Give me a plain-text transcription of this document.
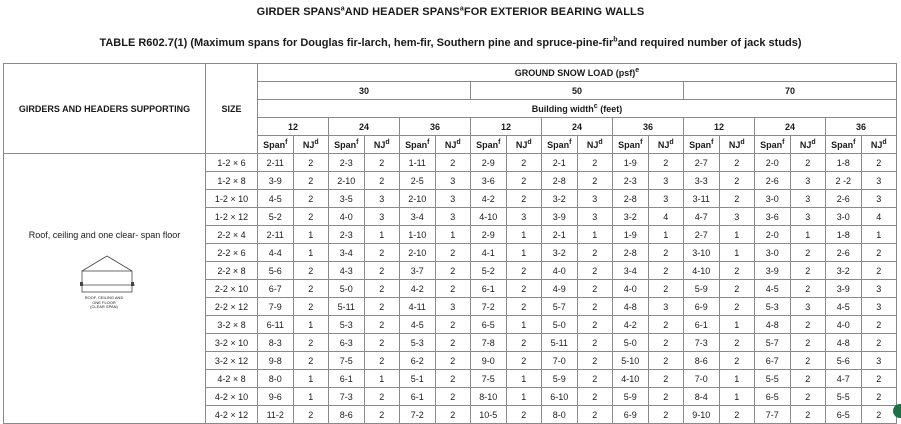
GIRDER SPANS$^a$AND HEADER SPANS$^a$FOR EXTERIOR BEARING WALLS
TABLE R602.7(1) (Maximum spans for Douglas fir-larch, hem-fir, Southern pine and spruce-pine-fir$^b$and required number of jack studs)
GIRDERS AND HEADERS SUPPORTING	SIZE	GROUND SNOW LOAD (psf)$^e$
		30						50						70					
		Building width$^c$ (feet)																	
		12		24		36		12		24		36		12		24		36	
		Span$^f$	$NJ^d$	Span$^f$	$NJ^d$	Span$^f$	$NJ^d$	Span$^f$	$NJ^d$	Span$^f$	$NJ^d$	Span$^f$	$NJ^d$	Span$^f$	$NJ^d$	Span$^f$	$NJ^d$	Span$^f$	$NJ^d$

Roof, ceiling and one clear- span floor
ROOF, CEILING AND
ONE FLOOR
(CLEAR SPAN)	1-2 × 6	2-11	2	2-3	2	1-11	2	2-9	2	2-1	2	1-9	2	2-7	2	2-0	2	1-8	2
	1-2 × 8	3-9	2	2-10	2	2-5	3	3-6	2	2-8	2	2-3	3	3-3	2	2-6	3	2 -2	3
	1-2 × 10	4-5	2	3-5	3	2-10	3	4-2	2	3-2	3	2-8	3	3-11	2	3-0	3	2-6	3
	1-2 × 12	5-2	2	4-0	3	3-4	3	4-10	3	3-9	3	3-2	4	4-7	3	3-6	3	3-0	4
	2-2 × 4	2-11	1	2-3	1	1-10	1	2-9	1	2-1	1	1-9	1	2-7	1	2-0	1	1-8	1
	2-2 × 6	4-4	1	3-4	2	2-10	2	4-1	1	3-2	2	2-8	2	3-10	1	3-0	2	2-6	2
	2-2 × 8	5-6	2	4-3	2	3-7	2	5-2	2	4-0	2	3-4	2	4-10	2	3-9	2	3-2	2
	2-2 × 10	6-7	2	5-0	2	4-2	2	6-1	2	4-9	2	4-0	2	5-9	2	4-5	2	3-9	3
	2-2 × 12	7-9	2	5-11	2	4-11	3	7-2	2	5-7	2	4-8	3	6-9	2	5-3	3	4-5	3
	3-2 × 8	6-11	1	5-3	2	4-5	2	6-5	1	5-0	2	4-2	2	6-1	1	4-8	2	4-0	2
	3-2 × 10	8-3	2	6-3	2	5-3	2	7-8	2	5-11	2	5-0	2	7-3	2	5-7	2	4-8	2
	3-2 × 12	9-8	2	7-5	2	6-2	2	9-0	2	7-0	2	5-10	2	8-6	2	6-7	2	5-6	3
	4-2 × 8	8-0	1	6-1	1	5-1	2	7-5	1	5-9	2	4-10	2	7-0	1	5-5	2	4-7	2
	4-2 × 10	9-6	1	7-3	2	6-1	2	8-10	1	6-10	2	5-9	2	8-4	1	6-5	2	5-5	2
	4-2 × 12	11-2	2	8-6	2	7-2	2	10-5	2	8-0	2	6-9	2	9-10	2	7-7	2	6-5	2
